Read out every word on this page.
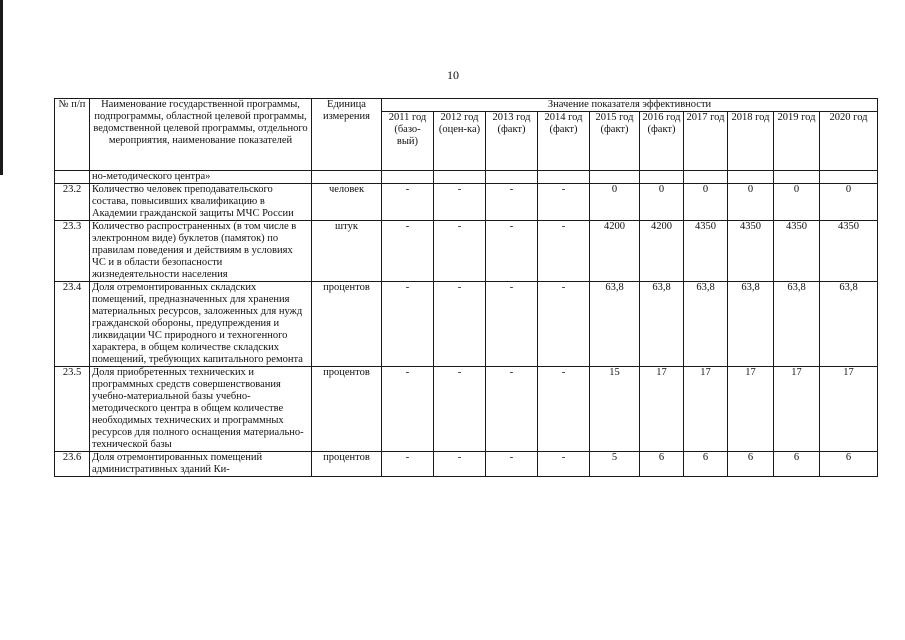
10
№ п/п	Наименование государственной программы, подпрограммы, областной целевой программы, ведомственной целевой программы, отдельного мероприятия, наименование показателей	Единица измерения	Значение показателя эффективности									
			2011 год (базо-вый)	2012 год (оцен-ка)	2013 год (факт)	2014 год (факт)	2015 год (факт)	2016 год (факт)	2017 год	2018 год	2019 год	2020 год
	но-методического центра»											
23.2	Количество человек преподавательского состава, повысивших квалификацию в Академии гражданской защиты МЧС России	человек	-	-	-	-	0	0	0	0	0	0
23.3	Количество распространенных (в том числе в электронном виде) буклетов (памяток) по правилам поведения и действиям в условиях ЧС и в области безопасности жизнедеятельности населения	штук	-	-	-	-	4200	4200	4350	4350	4350	4350
23.4	Доля отремонтированных складских помещений, предназначенных для хранения материальных ресурсов, заложенных для нужд гражданской обороны, предупреждения и ликвидации ЧС природного и техногенного характера, в общем количестве складских помещений, требующих капитального ремонта	процентов	-	-	-	-	63,8	63,8	63,8	63,8	63,8	63,8
23.5	Доля приобретенных технических и программных средств совершенствования учебно-материальной базы учебно-методического центра в общем количестве необходимых технических и программных ресурсов для полного оснащения материально-технической базы	процентов	-	-	-	-	15	17	17	17	17	17
23.6	Доля отремонтированных помещений административных зданий Ки-	процентов	-	-	-	-	5	6	6	6	6	6
